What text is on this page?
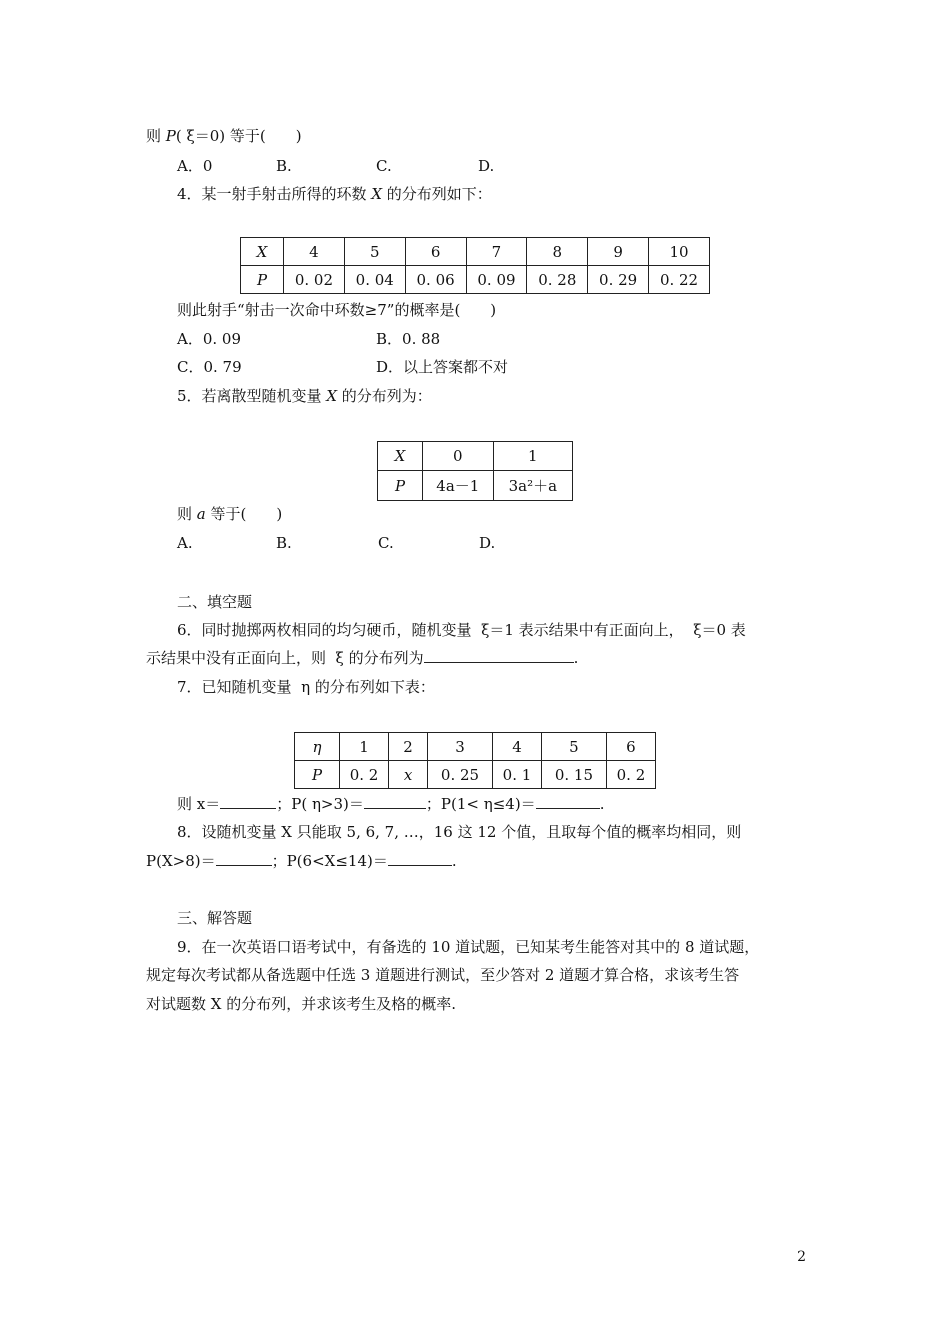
则 P( ξ＝0) 等于(　　)
A．0	B.	C.	D.
4．某一射手射击所得的环数 X 的分布列如下：
X	4	5	6	7	8	9	10
P	0. 02	0. 04	0. 06	0. 09	0. 28	0. 29	0. 22
则此射手“射击一次命中环数≥7”的概率是(　　)
A．0. 09	B．0. 88
C．0. 79	D．以上答案都不对
5．若离散型随机变量 X 的分布列为：
X	0	1
P	4a－1	3a²＋a
则 a 等于(　　)
A.	B.	C.	D.
二、填空题
6．同时抛掷两枚相同的均匀硬币，随机变量  ξ＝1 表示结果中有正面向上，  ξ＝0 表
示结果中没有正面向上，则  ξ 的分布列为	.
7．已知随机变量  η 的分布列如下表：
η	1	2	3	4	5	6
P	0. 2	x	0. 25	0. 1	0. 15	0. 2
则 x＝	；P( η>3)＝	；P(1< η≤4)＝	.
8．设随机变量 X 只能取 5, 6, 7, …，16 这 12 个值，且取每个值的概率均相同，则
P(X>8)＝	；P(6<X≤14)＝	.
三、解答题
9．在一次英语口语考试中，有备选的 10 道试题，已知某考生能答对其中的 8 道试题，
规定每次考试都从备选题中任选 3 道题进行测试，至少答对 2 道题才算合格，求该考生答
对试题数 X 的分布列，并求该考生及格的概率.
2
